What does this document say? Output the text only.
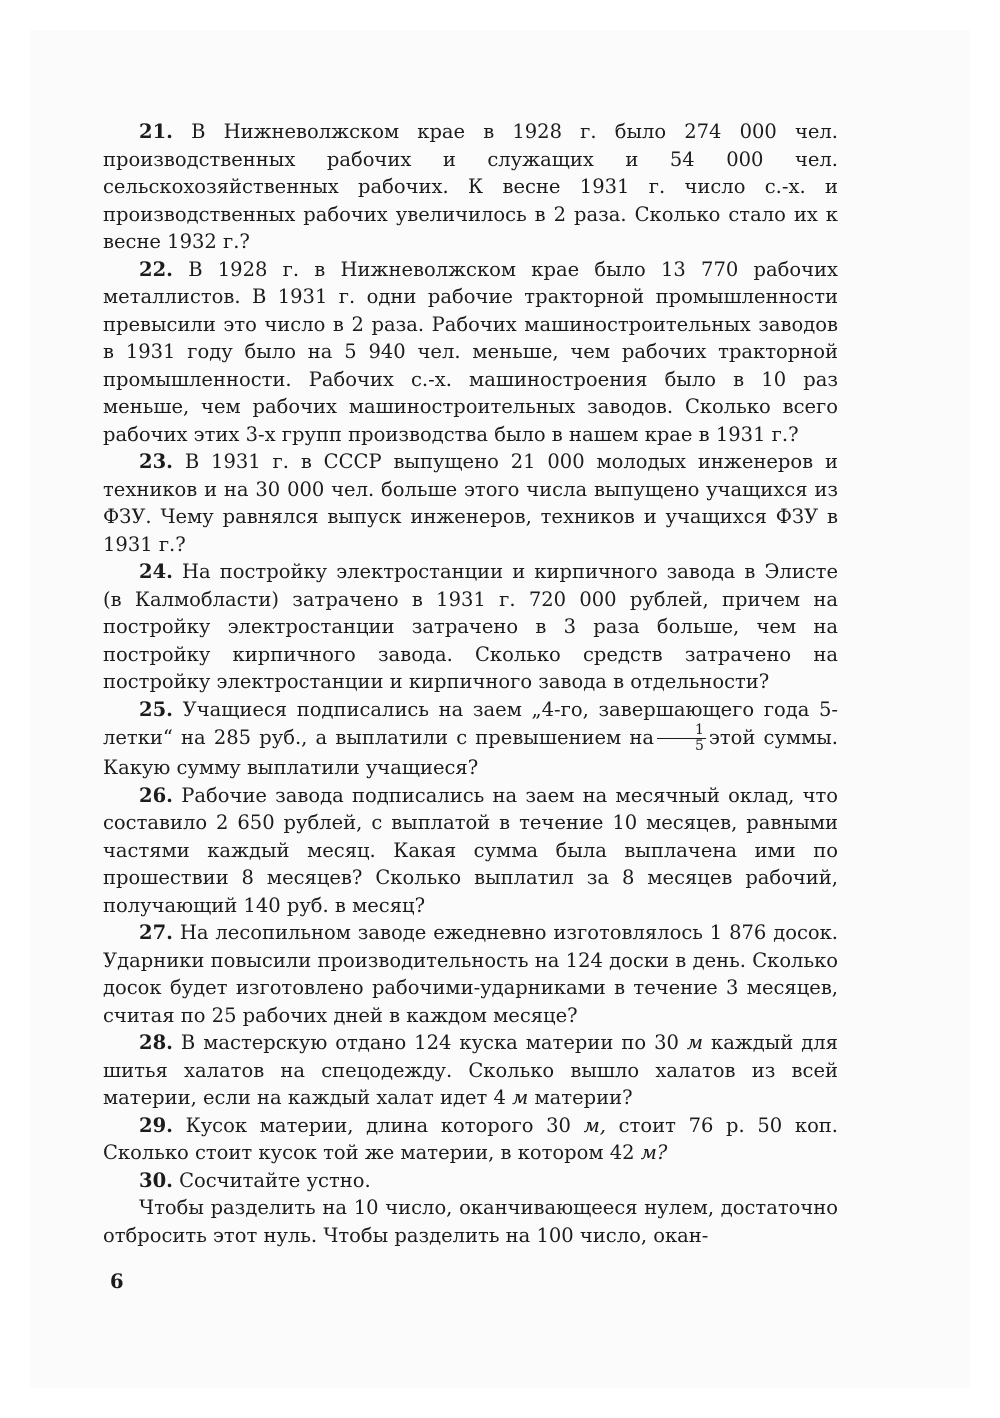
21. В Нижневолжском крае в 1928 г. было 274 000 чел. производственных рабочих и служащих и 54 000 чел. сельскохозяйственных рабочих. К весне 1931 г. число с.-х. и производственных рабочих увеличилось в 2 раза. Сколько стало их к весне 1932 г.?

22. В 1928 г. в Нижневолжском крае было 13 770 рабочих металлистов. В 1931 г. одни рабочие тракторной промышленности превысили это число в 2 раза. Рабочих машиностроительных заводов в 1931 году было на 5 940 чел. меньше, чем рабочих тракторной промышленности. Рабочих с.-х. машиностроения было в 10 раз меньше, чем рабочих машиностроительных заводов. Сколько всего рабочих этих 3-х групп производства было в нашем крае в 1931 г.?

23. В 1931 г. в СССР выпущено 21 000 молодых инженеров и техников и на 30 000 чел. больше этого числа выпущено учащихся из ФЗУ. Чему равнялся выпуск инженеров, техников и учащихся ФЗУ в 1931 г.?

24. На постройку электростанции и кирпичного завода в Элисте (в Калмобласти) затрачено в 1931 г. 720 000 рублей, причем на постройку электростанции затрачено в 3 раза больше, чем на постройку кирпичного завода. Сколько средств затрачено на постройку электростанции и кирпичного завода в отдельности?

25. Учащиеся подписались на заем „4-го, завершающего года 5-летки“ на 285 руб., а выплатили с превышением на $\frac{1}{5}$ этой суммы. Какую сумму выплатили учащиеся?

26. Рабочие завода подписались на заем на месячный оклад, что составило 2 650 рублей, с выплатой в течение 10 месяцев, равными частями каждый месяц. Какая сумма была выплачена ими по прошествии 8 месяцев? Сколько выплатил за 8 месяцев рабочий, получающий 140 руб. в месяц?

27. На лесопильном заводе ежедневно изготовлялось 1 876 досок. Ударники повысили производительность на 124 доски в день. Сколько досок будет изготовлено рабочими-ударниками в течение 3 месяцев, считая по 25 рабочих дней в каждом месяце?

28. В мастерскую отдано 124 куска материи по 30 м каждый для шитья халатов на спецодежду. Сколько вышло халатов из всей материи, если на каждый халат идет 4 м материи?

29. Кусок материи, длина которого 30 м, стоит 76 р. 50 коп. Сколько стоит кусок той же материи, в котором 42 м?

30. Сосчитайте устно.

Чтобы разделить на 10 число, оканчивающееся нулем, достаточно отбросить этот нуль. Чтобы разделить на 100 число, окан-

6
